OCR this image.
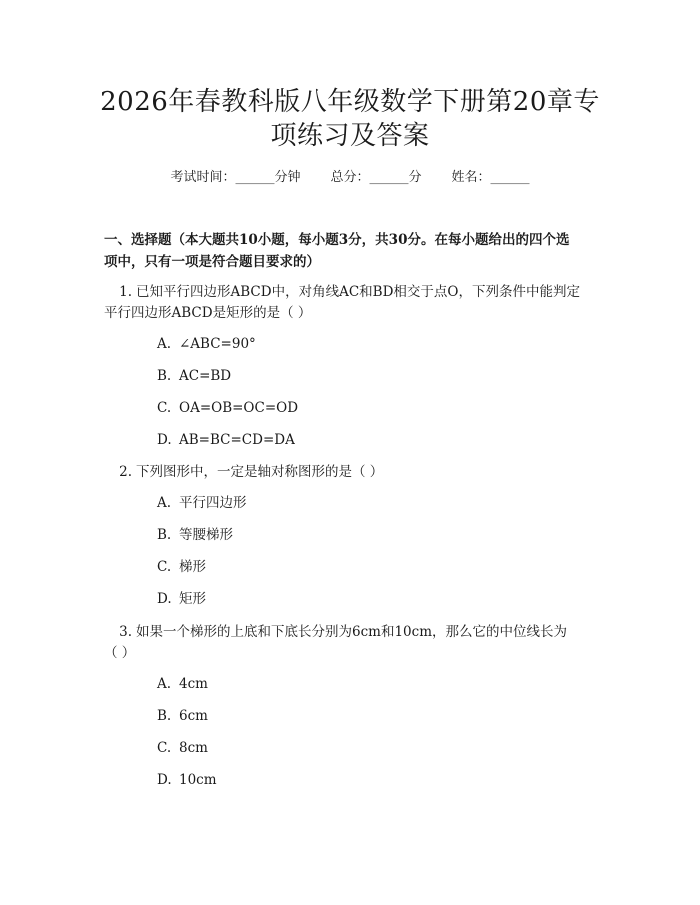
2026年春教科版八年级数学下册第20章专
项练习及答案
考试时间：______分钟 总分：______分 姓名：______
一、选择题（本大题共10小题，每小题3分，共30分。在每小题给出的四个选
项中，只有一项是符合题目要求的）
1. 已知平行四边形ABCD中，对角线AC和BD相交于点O，下列条件中能判定
平行四边形ABCD是矩形的是（ ）
A. ∠ABC=90°
B. AC=BD
C. OA=OB=OC=OD
D. AB=BC=CD=DA
2. 下列图形中，一定是轴对称图形的是（ ）
A. 平行四边形
B. 等腰梯形
C. 梯形
D. 矩形
3. 如果一个梯形的上底和下底长分别为6cm和10cm，那么它的中位线长为
（ ）
A. 4cm
B. 6cm
C. 8cm
D. 10cm
